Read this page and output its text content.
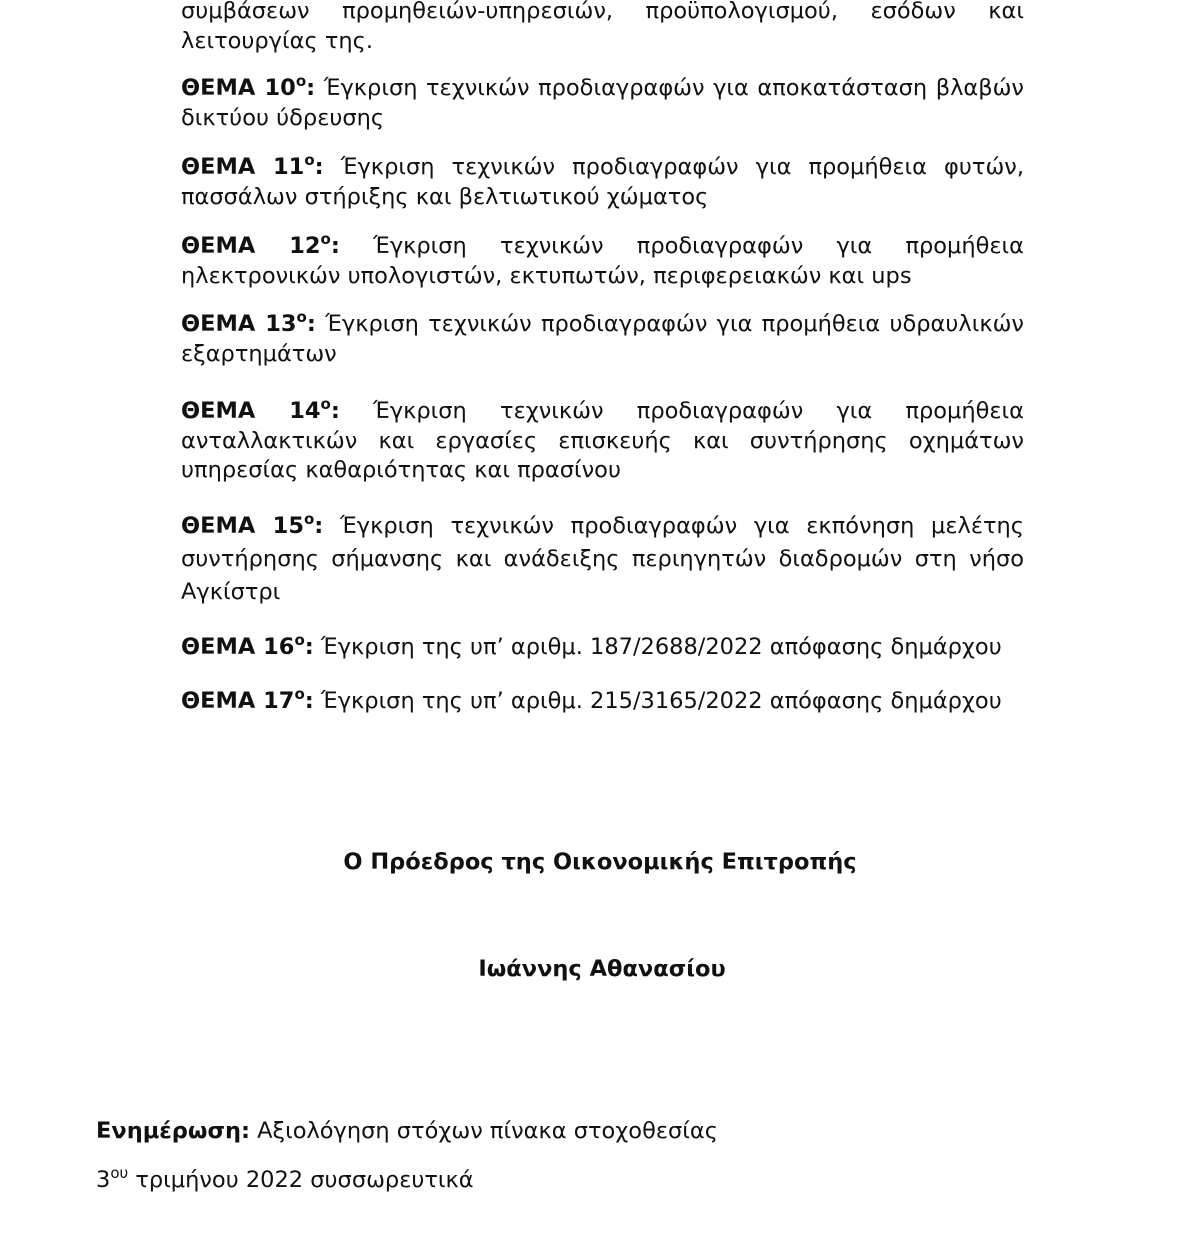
συμβάσεων προμηθειών-υπηρεσιών, προϋπολογισμού, εσόδων και λειτουργίας της.

ΘΕΜΑ $10^o$: Έγκριση τεχνικών προδιαγραφών για αποκατάσταση βλαβών δικτύου ύδρευσης

ΘΕΜΑ $11^o$: Έγκριση τεχνικών προδιαγραφών για προμήθεια φυτών, πασσάλων στήριξης και βελτιωτικού χώματος

ΘΕΜΑ $12^o$: Έγκριση τεχνικών προδιαγραφών για προμήθεια ηλεκτρονικών υπολογιστών, εκτυπωτών, περιφερειακών και ups

ΘΕΜΑ $13^o$: Έγκριση τεχνικών προδιαγραφών για προμήθεια υδραυλικών εξαρτημάτων

ΘΕΜΑ $14^o$: Έγκριση τεχνικών προδιαγραφών για προμήθεια ανταλλακτικών και εργασίες επισκευής και συντήρησης οχημάτων υπηρεσίας καθαριότητας και πρασίνου

ΘΕΜΑ $15^o$: Έγκριση τεχνικών προδιαγραφών για εκπόνηση μελέτης συντήρησης σήμανσης και ανάδειξης περιηγητών διαδρομών στη νήσο Αγκίστρι

ΘΕΜΑ $16^o$: Έγκριση της υπ’ αριθμ. 187/2688/2022 απόφασης δημάρχου

ΘΕΜΑ $17^o$: Έγκριση της υπ’ αριθμ. 215/3165/2022 απόφασης δημάρχου

Ο Πρόεδρος της Οικονομικής Επιτροπής

Ιωάννης Αθανασίου

Ενημέρωση: Αξιολόγηση στόχων πίνακα στοχοθεσίας

$3^{o\upsilon}$ τριμήνου 2022 συσσωρευτικά
